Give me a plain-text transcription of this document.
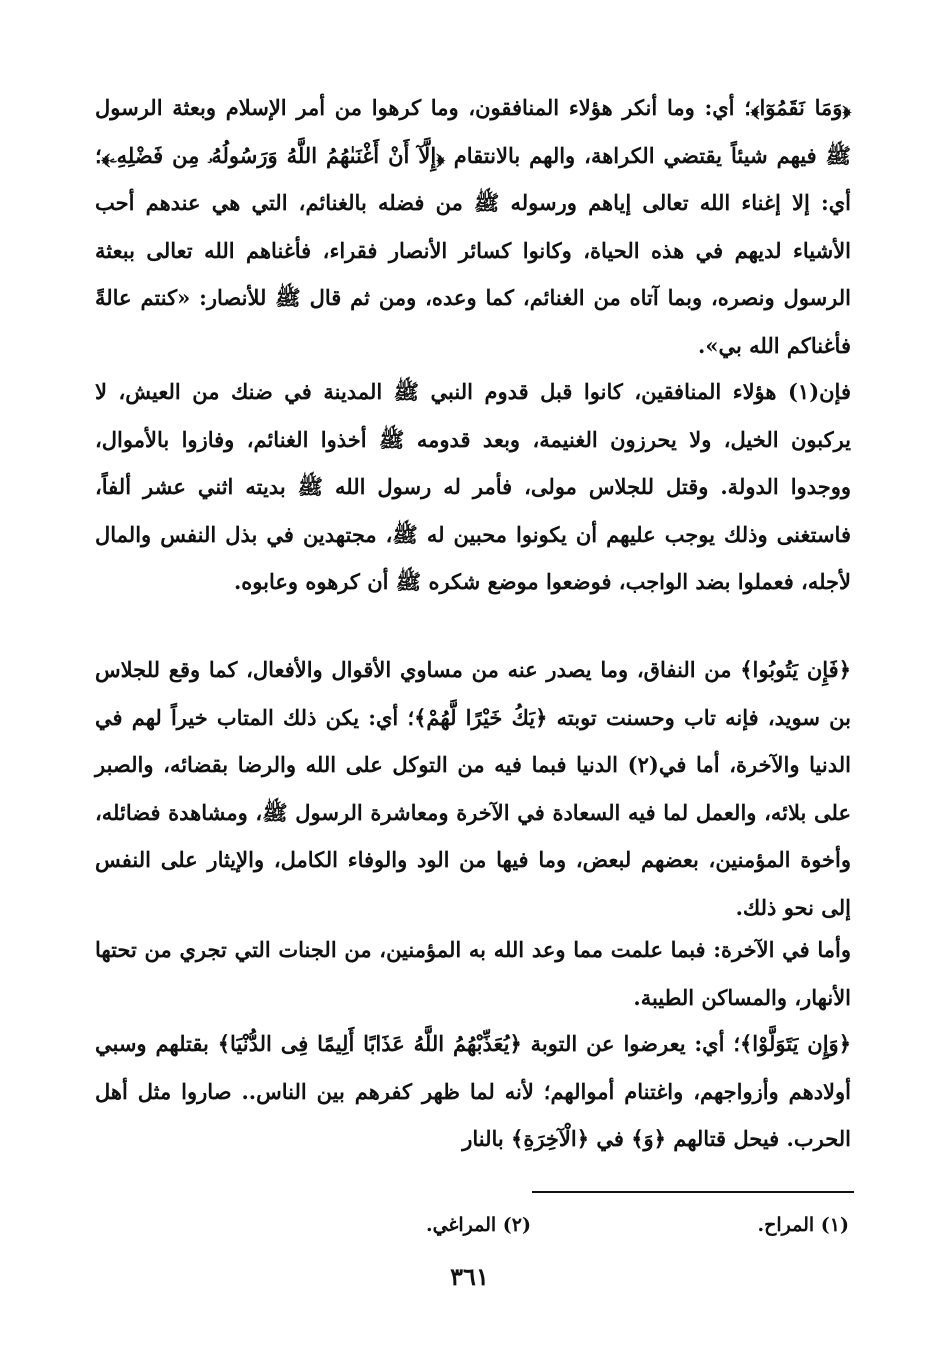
﴿وَمَا نَقَمُوٓا﴾؛ أي: وما أنكر هؤلاء المنافقون، وما كرهوا من أمر الإسلام وبعثة الرسول ﷺ فيهم شيئاً يقتضي الكراهة، والهم بالانتقام ﴿إِلَّآ أَنْ أَغْنَىٰهُمُ اللَّهُ وَرَسُولُهُۥ مِن فَضْلِهِۦ﴾؛ أي: إلا إغناء الله تعالى إياهم ورسوله ﷺ من فضله بالغنائم، التي هي عندهم أحب الأشياء لديهم في هذه الحياة، وكانوا كسائر الأنصار فقراء، فأغناهم الله تعالى ببعثة الرسول ونصره، وبما آتاه من الغنائم، كما وعده، ومن ثم قال ﷺ للأنصار: «كنتم عالةً فأغناكم الله بي».

فإن(١) هؤلاء المنافقين، كانوا قبل قدوم النبي ﷺ المدينة في ضنك من العيش، لا يركبون الخيل، ولا يحرزون الغنيمة، وبعد قدومه ﷺ أخذوا الغنائم، وفازوا بالأموال، ووجدوا الدولة. وقتل للجلاس مولى، فأمر له رسول الله ﷺ بديته اثني عشر ألفاً، فاستغنى وذلك يوجب عليهم أن يكونوا محبين له ﷺ، مجتهدين في بذل النفس والمال لأجله، فعملوا بضد الواجب، فوضعوا موضع شكره ﷺ أن كرهوه وعابوه.

﴿فَإِن يَتُوبُوا﴾ من النفاق، وما يصدر عنه من مساوي الأقوال والأفعال، كما وقع للجلاس بن سويد، فإنه تاب وحسنت توبته ﴿يَكُ خَيْرًا لَّهُمْ﴾؛ أي: يكن ذلك المتاب خيراً لهم في الدنيا والآخرة، أما في(٢) الدنيا فبما فيه من التوكل على الله والرضا بقضائه، والصبر على بلائه، والعمل لما فيه السعادة في الآخرة ومعاشرة الرسول ﷺ، ومشاهدة فضائله، وأخوة المؤمنين، بعضهم لبعض، وما فيها من الود والوفاء الكامل، والإيثار على النفس إلى نحو ذلك.

وأما في الآخرة: فبما علمت مما وعد الله به المؤمنين، من الجنات التي تجري من تحتها الأنهار، والمساكن الطيبة.

﴿وَإِن يَتَوَلَّوْا﴾؛ أي: يعرضوا عن التوبة ﴿يُعَذِّبْهُمُ اللَّهُ عَذَابًا أَلِيمًا فِى الدُّنْيَا﴾ بقتلهم وسبي أولادهم وأزواجهم، واغتنام أموالهم؛ لأنه لما ظهر كفرهم بين الناس.. صاروا مثل أهل الحرب. فيحل قتالهم ﴿وَ﴾ في ﴿الْآخِرَةِ﴾ بالنار

(١) المراح.
(٢) المراغي.
٣٦١
